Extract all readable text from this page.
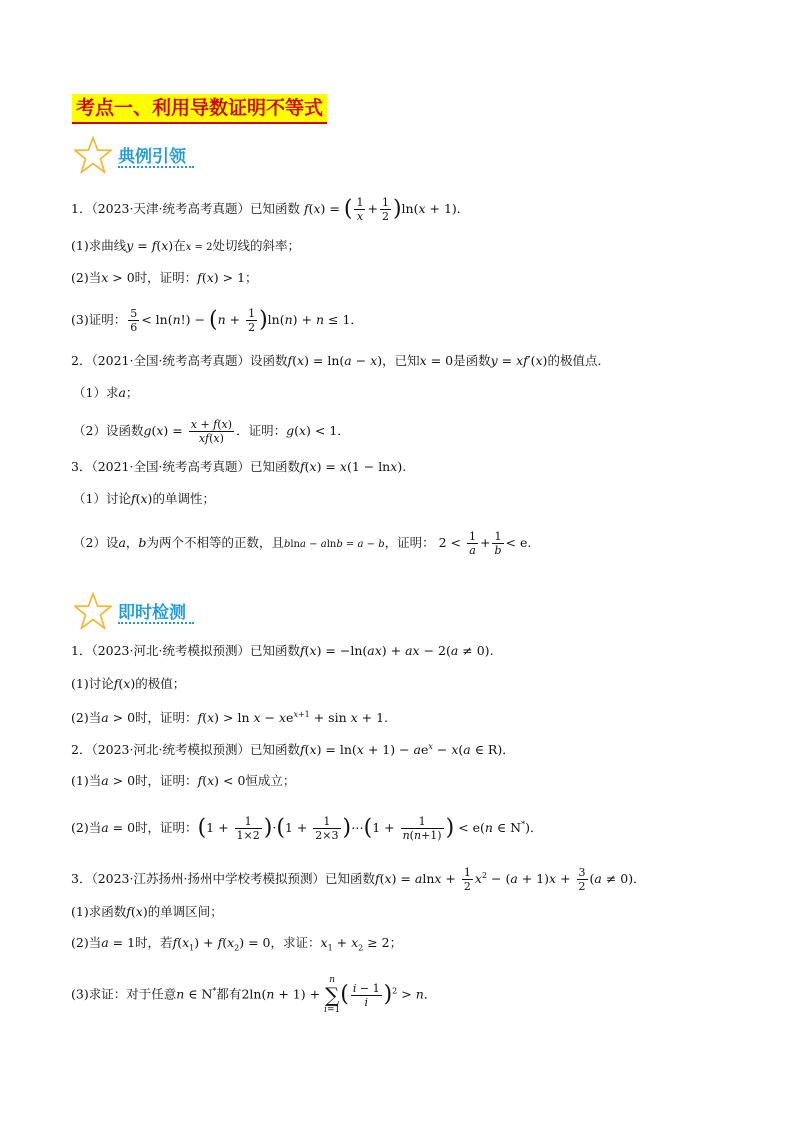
考点一、利用导数证明不等式
典例引领
1．（2023·天津·统考高考真题）已知函数 f(x) = ( $\frac{1}{x} + \frac{1}{2} )\ln(x + 1)$．
(1)求曲线y = f(x)在x = 2处切线的斜率；
(2)当x > 0时，证明：f(x) > 1；
(3)证明： $\frac{5}{6} < \ln(n!) - (n + \frac{1}{2} )\ln(n) + n \le 1$．
2．（2021·全国·统考高考真题）设函数f(x) = ln(a − x)，已知x = 0是函数y = xf′(x)的极值点．
（1）求a；
（2）设函数$g(x) = \frac{x + f(x)}{xf(x)}$ ．证明：g(x) < 1．
3．（2021·全国·统考高考真题）已知函数f(x) = x(1 − lnx).
（1）讨论f(x)的单调性；
（2）设a，b为两个不相等的正数，且blna − alnb = a − b，证明： $2 < \frac{1}{a} + \frac{1}{b} < e$.
即时检测
1．（2023·河北·统考模拟预测）已知函数f(x) = −ln(ax) + ax − 2(a ≠ 0).
(1)讨论f(x)的极值；
(2)当a > 0时，证明：$f(x) > \ln x - xe^{x+1} + \sin x + 1$.
2．（2023·河北·统考模拟预测）已知函数$f(x) = \ln(x + 1) - ae^x - x(a$ ∈ R)．
(1)当a > 0时，证明：f(x) < 0恒成立；
(2)当a = 0时，证明：$(1 + \frac{1}{1\times 2} )\cdot(1 + \frac{1}{2\times 3}$ )⋯(1 + $\frac{1}{n(n+1)}$ ) < e(n ∈ N*)．
3．（2023·江苏扬州·扬州中学校考模拟预测）已知函数$f(x) = alnx + \frac{1}{2} x^2 - (a + 1)x + \frac{3}{2} (a \ne 0)$．
(1)求函数f(x)的单调区间；
(2)当a = 1时，若$f(x_1) + f(x_2) = 0$，求证：$x_1 + x_2 \ge 2$；
(3)求证：对于任意n ∈ N*都有2ln(n + 1) + n
∑
$i=1( \frac{i - 1}{i} )^2 > n$．
